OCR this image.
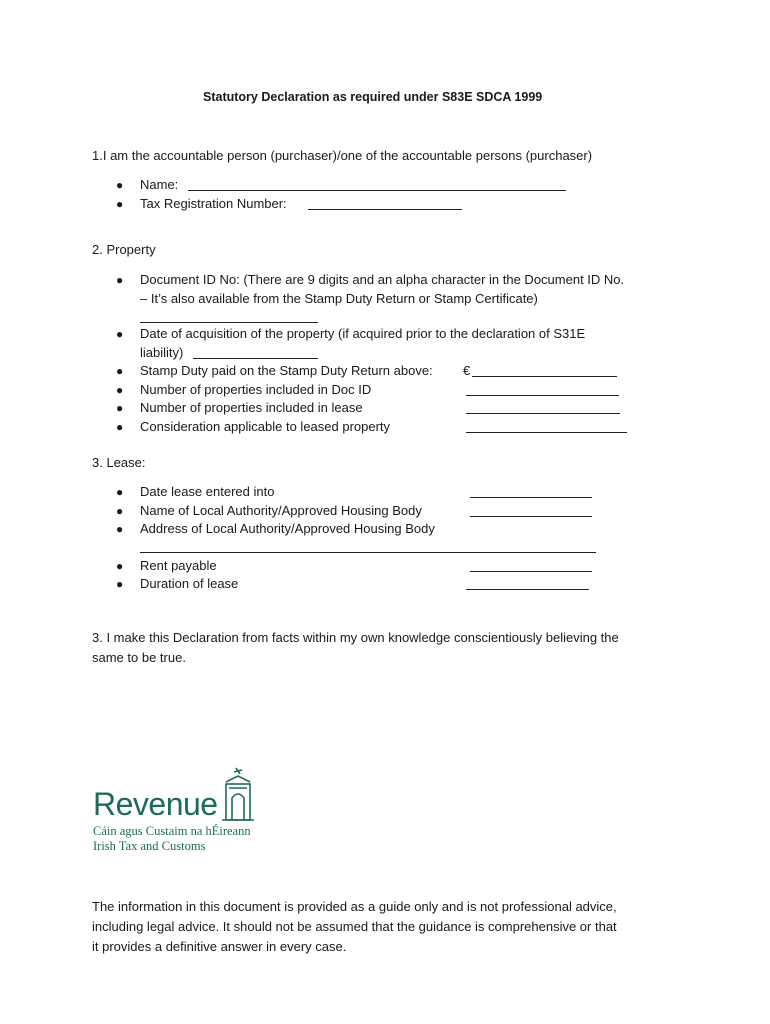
Statutory Declaration as required under S83E SDCA 1999
1.I am the accountable person (purchaser)/one of the accountable persons (purchaser)
● Name:
● Tax Registration Number:
2. Property
● Document ID No: (There are 9 digits and an alpha character in the Document ID No.
– It’s also available from the Stamp Duty Return or Stamp Certificate)
● Date of acquisition of the property (if acquired prior to the declaration of S31E
liability)
● Stamp Duty paid on the Stamp Duty Return above: €
● Number of properties included in Doc ID
● Number of properties included in lease
● Consideration applicable to leased property
3. Lease:
● Date lease entered into
● Name of Local Authority/Approved Housing Body
● Address of Local Authority/Approved Housing Body
● Rent payable
● Duration of lease
3. I make this Declaration from facts within my own knowledge conscientiously believing the
same to be true.
Revenue
Cáin agus Custaim na hÉireann
Irish Tax and Customs
The information in this document is provided as a guide only and is not professional advice,
including legal advice. It should not be assumed that the guidance is comprehensive or that
it provides a definitive answer in every case.
